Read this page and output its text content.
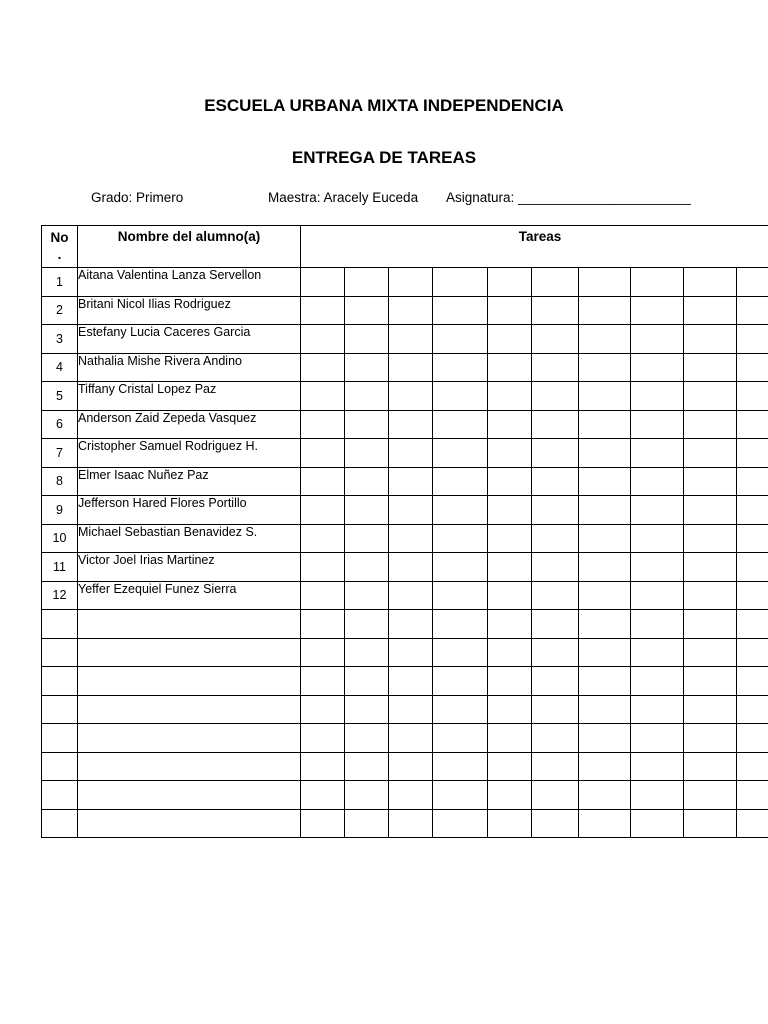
ESCUELA URBANA MIXTA INDEPENDENCIA
ENTREGA DE TAREAS
Grado: Primero	Maestra: Aracely Euceda Asignatura: _______________________
No
.	Nombre del alumno(a)	Tareas									
1	Aitana Valentina Lanza Servellon										
2	Britani Nicol Ilias Rodriguez										
3	Estefany Lucia Caceres Garcia										
4	Nathalia Mishe Rivera Andino										
5	Tiffany Cristal Lopez Paz										
6	Anderson Zaid Zepeda Vasquez										
7	Cristopher Samuel Rodriguez H.										
8	Elmer Isaac Nuñez Paz										
9	Jefferson Hared Flores Portillo										
10	Michael Sebastian Benavidez S.										
11	Victor Joel Irias Martinez										
12	Yeffer Ezequiel Funez Sierra										
